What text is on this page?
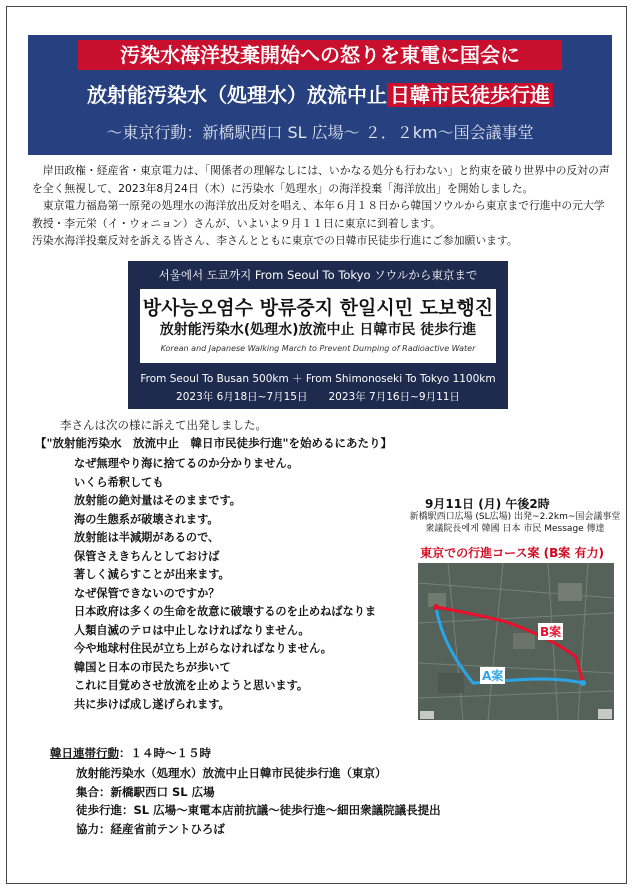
汚染水海洋投棄開始への怒りを東電に国会に
放射能汚染水（処理水）放流中止 日韓市民徒歩行進
～東京行動：新橋駅西口 SL 広場～ ２．２km～国会議事堂

　岸田政権・経産省・東京電力は、「関係者の理解なしには、いかなる処分も行わない」と約束を破り世界中の反対の声を全く無視して、2023年8月24日（木）に汚染水「処理水」の海洋投棄「海洋放出」を開始しました。

　東京電力福島第一原発の処理水の海洋放出反対を唱え、本年６月１８日から韓国ソウルから東京まで行進中の元大学教授・李元栄（イ・ウォニョン）さんが、いよいよ９月１１日に東京に到着します。

汚染水海洋投棄反対を訴える皆さん、李さんとともに東京での日韓市民徒歩行進にご参加願います。

서울에서 도쿄까지 From Seoul To Tokyo ソウルから東京まで
방사능오염수 방류중지 한일시민 도보행진
放射能汚染水(処理水)放流中止 日韓市民 徒歩行進
Korean and Japanese Walking March to Prevent Dumping of Radioactive Water
From Seoul To Busan 500km ＋ From Shimonoseki To Tokyo 1100km
2023年 6月18日~7月15日　　2023年 7月16日~9月11日
李さんは次の様に訴えて出発しました。
【"放射能汚染水　放流中止　韓日市民徒歩行進"を始めるにあたり】
なぜ無理やり海に捨てるのか分かりません。
いくら希釈しても
放射能の絶対量はそのままです。
海の生態系が破壊されます。
放射能は半減期があるので、
保管さえきちんとしておけば
著しく減らすことが出来ます。
なぜ保管できないのですか？
日本政府は多くの生命を故意に破壊するのを止めねばなりま
人類自滅のテロは中止しなければなりません。
今や地球村住民が立ち上がらなければなりません。
韓国と日本の市民たちが歩いて
これに目覚めさせ放流を止めようと思います。
共に歩けば成し遂げられます。
9月11日 (月) 午後2時
新橋駅西口広場 (SL広場) 出発~2.2km~国会議事堂
衆議院長에게 韓國 日本 市民 Message 傳達
東京での行進コース案 (B案 有力)
B案
A案
韓日連帯行動：１４時～１５時
放射能汚染水（処理水）放流中止日韓市民徒歩行進（東京）
集合：新橋駅西口 SL 広場
徒歩行進：SL 広場～東電本店前抗議～徒歩行進～細田衆議院議長提出
協力：経産省前テントひろば
